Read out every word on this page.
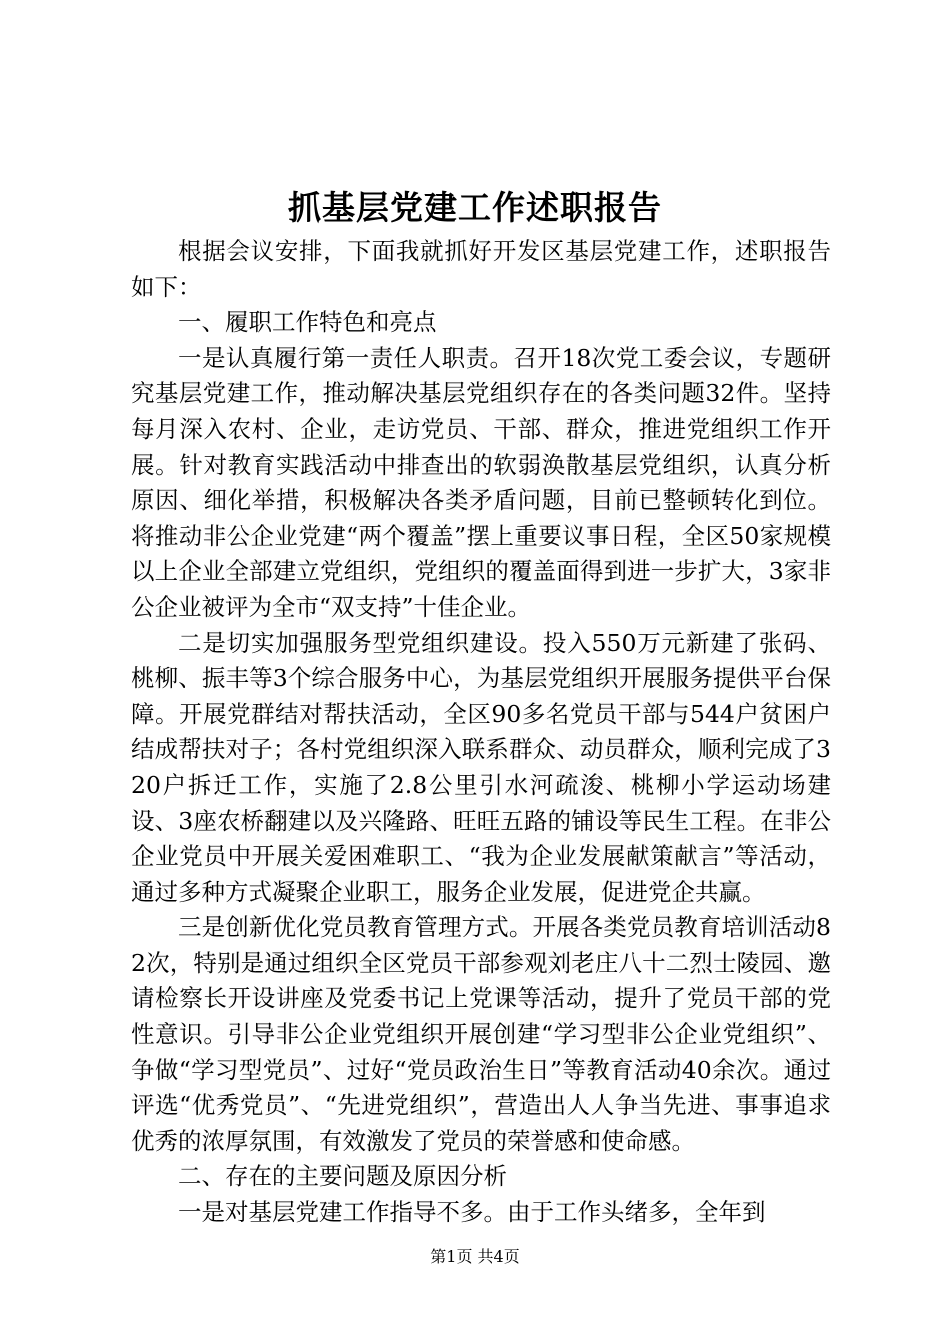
抓基层党建工作述职报告

根据会议安排，下面我就抓好开发区基层党建工作，述职报告如下：

一、履职工作特色和亮点

一是认真履行第一责任人职责。召开18次党工委会议，专题研究基层党建工作，推动解决基层党组织存在的各类问题32件。坚持每月深入农村、企业，走访党员、干部、群众，推进党组织工作开展。针对教育实践活动中排查出的软弱涣散基层党组织，认真分析原因、细化举措，积极解决各类矛盾问题，目前已整顿转化到位。将推动非公企业党建“两个覆盖”摆上重要议事日程，全区50家规模以上企业全部建立党组织，党组织的覆盖面得到进一步扩大，3家非公企业被评为全市“双支持”十佳企业。

二是切实加强服务型党组织建设。投入550万元新建了张码、桃柳、振丰等3个综合服务中心，为基层党组织开展服务提供平台保障。开展党群结对帮扶活动，全区90多名党员干部与544户贫困户结成帮扶对子；各村党组织深入联系群众、动员群众，顺利完成了320户拆迁工作，实施了2.8公里引水河疏浚、桃柳小学运动场建设、3座农桥翻建以及兴隆路、旺旺五路的铺设等民生工程。在非公企业党员中开展关爱困难职工、“我为企业发展献策献言”等活动，通过多种方式凝聚企业职工，服务企业发展，促进党企共赢。

三是创新优化党员教育管理方式。开展各类党员教育培训活动82次，特别是通过组织全区党员干部参观刘老庄八十二烈士陵园、邀请检察长开设讲座及党委书记上党课等活动，提升了党员干部的党性意识。引导非公企业党组织开展创建“学习型非公企业党组织”、争做“学习型党员”、过好“党员政治生日”等教育活动40余次。通过评选“优秀党员”、“先进党组织”，营造出人人争当先进、事事追求优秀的浓厚氛围，有效激发了党员的荣誉感和使命感。

二、存在的主要问题及原因分析

一是对基层党建工作指导不多。由于工作头绪多，全年到

第1页 共4页
